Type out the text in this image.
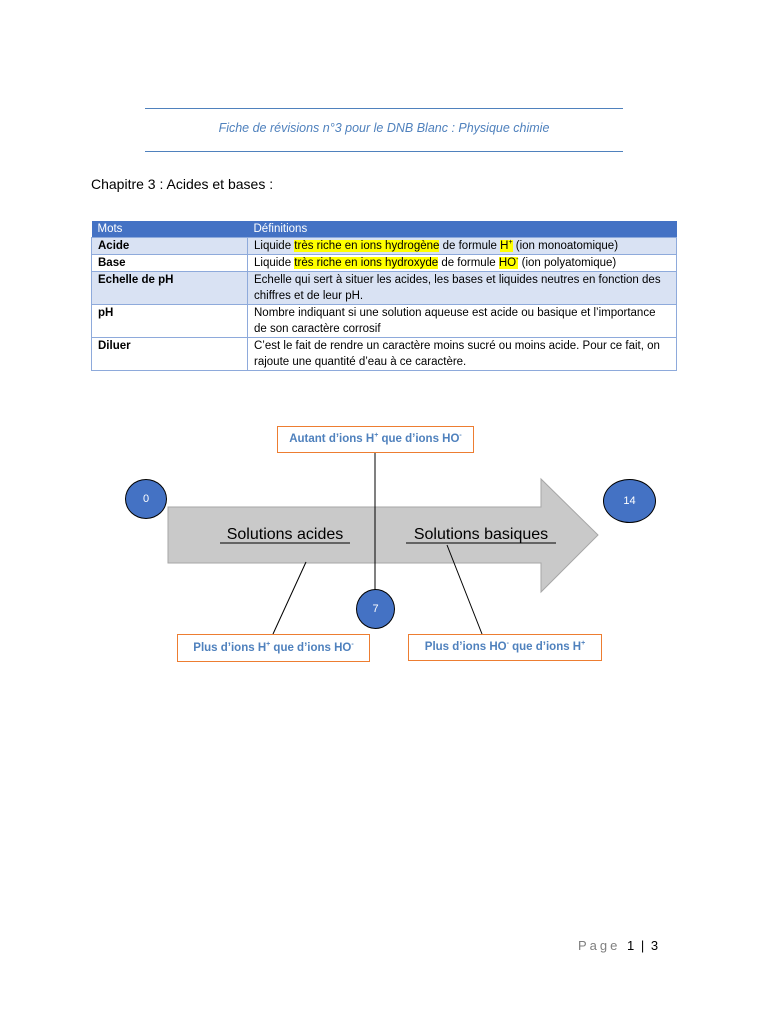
Fiche de révisions n°3 pour le DNB Blanc : Physique chimie
Chapitre 3 : Acides et bases :
Mots	Définitions
Acide	Liquide très riche en ions hydrogène de formule H+ (ion monoatomique)
Base	Liquide très riche en ions hydroxyde de formule HO- (ion polyatomique)
Echelle de pH	Echelle qui sert à situer les acides, les bases et liquides neutres en fonction des chiffres et de leur pH.
pH	Nombre indiquant si une solution aqueuse est acide ou basique et l’importance de son caractère corrosif
Diluer	C’est le fait de rendre un caractère moins sucré ou moins acide. Pour ce fait, on rajoute une quantité d’eau à ce caractère.
Solutions acides	Solutions basiques
0
7
14
Autant d’ions H+ que d’ions HO-
Plus d’ions H+ que d’ions HO-	Plus d’ions HO- que d’ions H+
Page 1 | 3
